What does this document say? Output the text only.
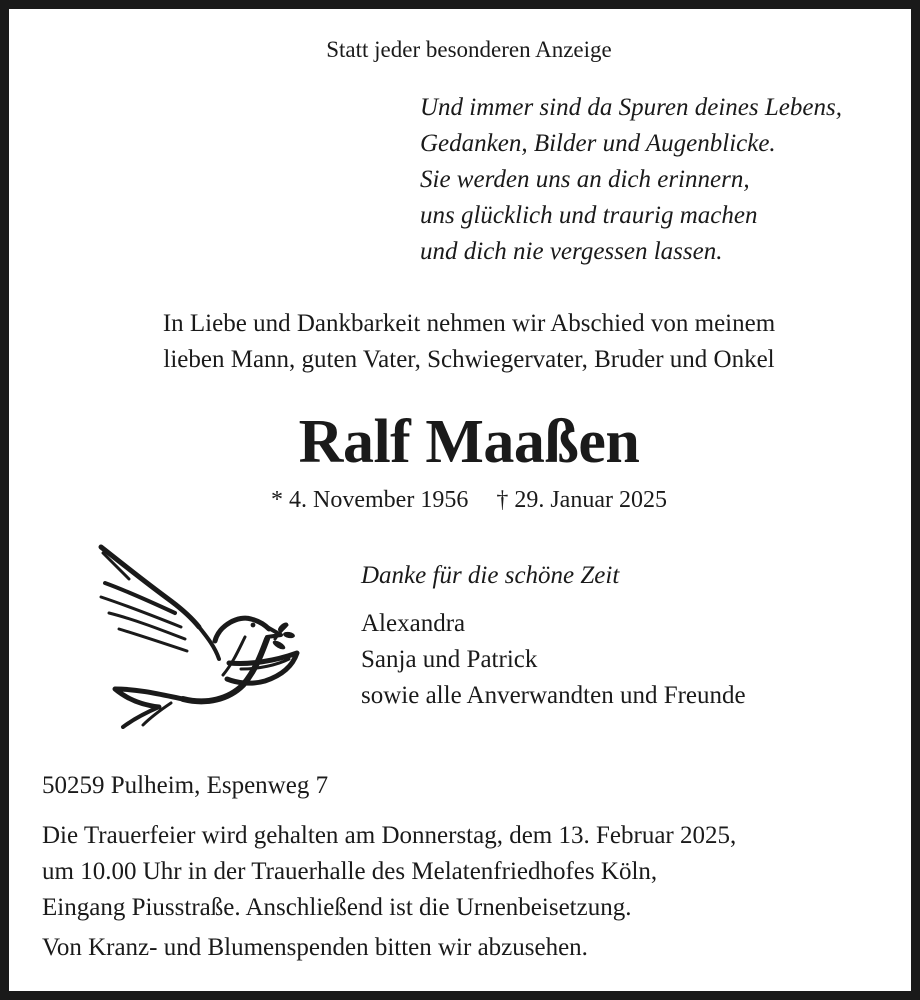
Statt jeder besonderen Anzeige
Und immer sind da Spuren deines Lebens,
Gedanken, Bilder und Augenblicke.
Sie werden uns an dich erinnern,
uns glücklich und traurig machen
und dich nie vergessen lassen.
In Liebe und Dankbarkeit nehmen wir Abschied von meinem
lieben Mann, guten Vater, Schwiegervater, Bruder und Onkel
Ralf Maaßen
* 4. November 1956 † 29. Januar 2025
Danke für die schöne Zeit
Alexandra
Sanja und Patrick
sowie alle Anverwandten und Freunde
50259 Pulheim, Espenweg 7
Die Trauerfeier wird gehalten am Donnerstag, dem 13. Februar 2025,
um 10.00 Uhr in der Trauerhalle des Melatenfriedhofes Köln,
Eingang Piusstraße. Anschließend ist die Urnenbeisetzung.
Von Kranz- und Blumenspenden bitten wir abzusehen.
